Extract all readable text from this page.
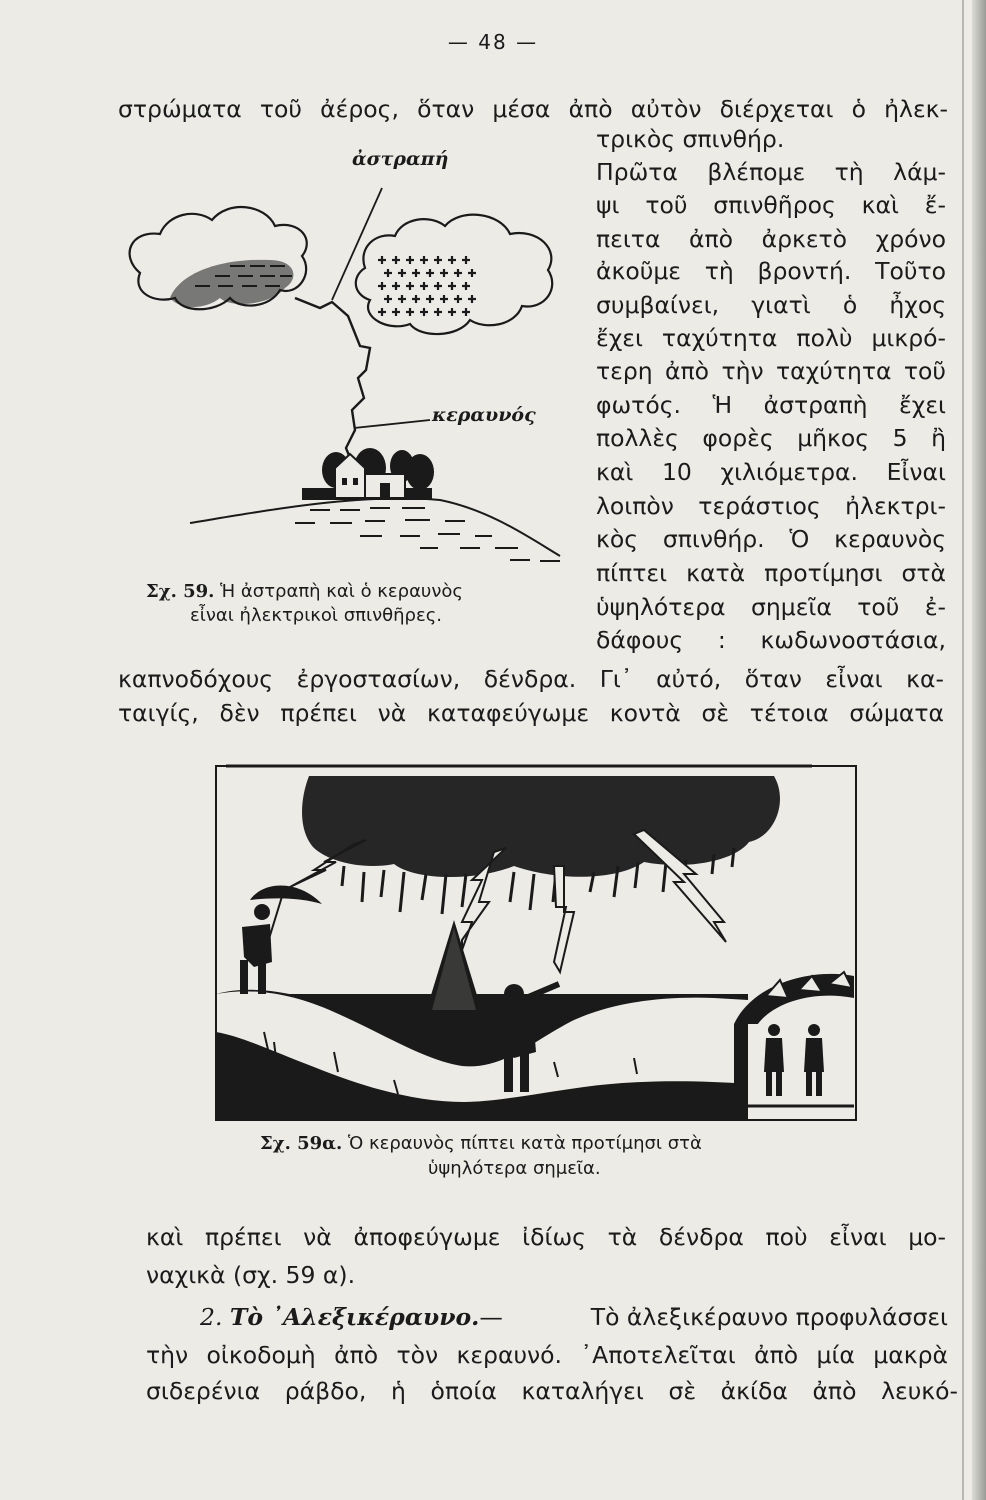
— 48 —
στρώματα τοῦ ἀέρος, ὅταν μέσα ἀπὸ αὐτὸν διέρχεται ὁ ἠλεκ-
τρικὸς σπινθήρ.
Πρῶτα βλέπομε τὴ λάμ-
ψι τοῦ σπινθῆρος καὶ ἔ-
πειτα ἀπὸ ἀρκετὸ χρόνο
ἀκοῦμε τὴ βροντή. Τοῦτο
συμβαίνει, γιατὶ ὁ ἦχος
ἔχει ταχύτητα πολὺ μικρό-
τερη ἀπὸ τὴν ταχύτητα τοῦ
φωτός. Ἡ ἀστραπὴ ἔχει
πολλὲς φορὲς μῆκος 5 ἢ
καὶ 10 χιλιόμετρα. Εἶναι
λοιπὸν τεράστιος ἠλεκτρι-
κὸς σπινθήρ. Ὁ κεραυνὸς
πίπτει κατὰ προτίμησι στὰ
ὑψηλότερα σημεῖα τοῦ ἐ-
δάφους : κωδωνοστάσια,
καπνοδόχους ἐργοστασίων, δένδρα. Γι᾽ αὐτό, ὅταν εἶναι κα-
ταιγίς, δὲν πρέπει νὰ καταφεύγωμε κοντὰ σὲ τέτοια σώματα
ἀστραπή
κεραυνός
Σχ. 59. Ἡ ἀστραπὴ καὶ ὁ κεραυνὸς
εἶναι ἠλεκτρικοὶ σπινθῆρες.
Σχ. 59α. Ὁ κεραυνὸς πίπτει κατὰ προτίμησι στὰ
ὑψηλότερα σημεῖα.
καὶ πρέπει νὰ ἀποφεύγωμε ἰδίως τὰ δένδρα ποὺ εἶναι μο-
ναχικὰ (σχ. 59 α).
2. Τὸ ᾽Αλεξικέραυνο.—	Τὸ ἀλεξικέραυνο προφυλάσσει
τὴν οἰκοδομὴ ἀπὸ τὸν κεραυνό. ᾽Αποτελεῖται ἀπὸ μία μακρὰ
σιδερένια ράβδο, ἡ ὁποία καταλήγει σὲ ἀκίδα ἀπὸ λευκό-
